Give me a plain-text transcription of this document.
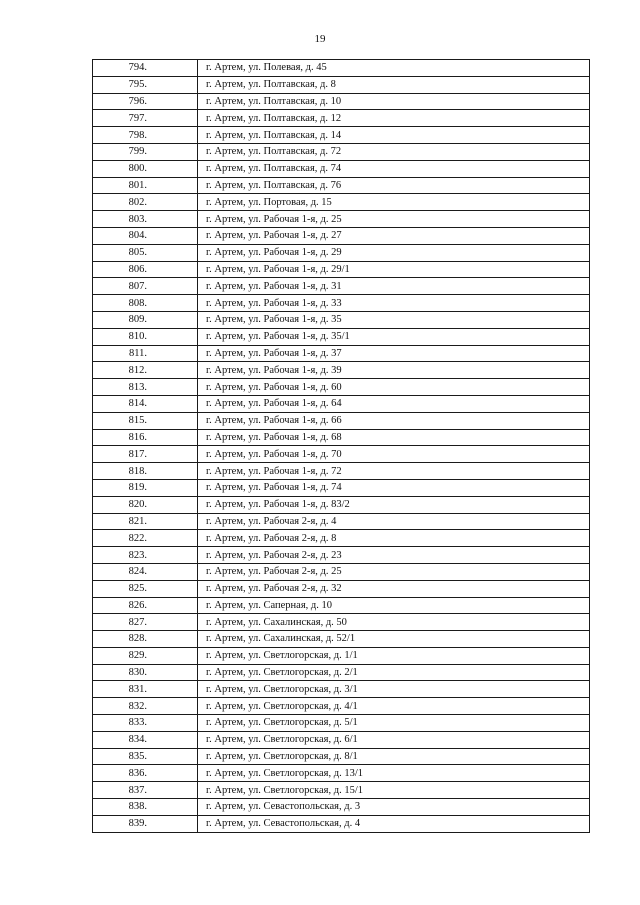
19
794.	г. Артем, ул. Полевая, д. 45
795.	г. Артем, ул. Полтавская, д. 8
796.	г. Артем, ул. Полтавская, д. 10
797.	г. Артем, ул. Полтавская, д. 12
798.	г. Артем, ул. Полтавская, д. 14
799.	г. Артем, ул. Полтавская, д. 72
800.	г. Артем, ул. Полтавская, д. 74
801.	г. Артем, ул. Полтавская, д. 76
802.	г. Артем, ул. Портовая, д. 15
803.	г. Артем, ул. Рабочая 1-я, д. 25
804.	г. Артем, ул. Рабочая 1-я, д. 27
805.	г. Артем, ул. Рабочая 1-я, д. 29
806.	г. Артем, ул. Рабочая 1-я, д. 29/1
807.	г. Артем, ул. Рабочая 1-я, д. 31
808.	г. Артем, ул. Рабочая 1-я, д. 33
809.	г. Артем, ул. Рабочая 1-я, д. 35
810.	г. Артем, ул. Рабочая 1-я, д. 35/1
811.	г. Артем, ул. Рабочая 1-я, д. 37
812.	г. Артем, ул. Рабочая 1-я, д. 39
813.	г. Артем, ул. Рабочая 1-я, д. 60
814.	г. Артем, ул. Рабочая 1-я, д. 64
815.	г. Артем, ул. Рабочая 1-я, д. 66
816.	г. Артем, ул. Рабочая 1-я, д. 68
817.	г. Артем, ул. Рабочая 1-я, д. 70
818.	г. Артем, ул. Рабочая 1-я, д. 72
819.	г. Артем, ул. Рабочая 1-я, д. 74
820.	г. Артем, ул. Рабочая 1-я, д. 83/2
821.	г. Артем, ул. Рабочая 2-я, д. 4
822.	г. Артем, ул. Рабочая 2-я, д. 8
823.	г. Артем, ул. Рабочая 2-я, д. 23
824.	г. Артем, ул. Рабочая 2-я, д. 25
825.	г. Артем, ул. Рабочая 2-я, д. 32
826.	г. Артем, ул. Саперная, д. 10
827.	г. Артем, ул. Сахалинская, д. 50
828.	г. Артем, ул. Сахалинская, д. 52/1
829.	г. Артем, ул. Светлогорская, д. 1/1
830.	г. Артем, ул. Светлогорская, д. 2/1
831.	г. Артем, ул. Светлогорская, д. 3/1
832.	г. Артем, ул. Светлогорская, д. 4/1
833.	г. Артем, ул. Светлогорская, д. 5/1
834.	г. Артем, ул. Светлогорская, д. 6/1
835.	г. Артем, ул. Светлогорская, д. 8/1
836.	г. Артем, ул. Светлогорская, д. 13/1
837.	г. Артем, ул. Светлогорская, д. 15/1
838.	г. Артем, ул. Севастопольская, д. 3
839.	г. Артем, ул. Севастопольская, д. 4
